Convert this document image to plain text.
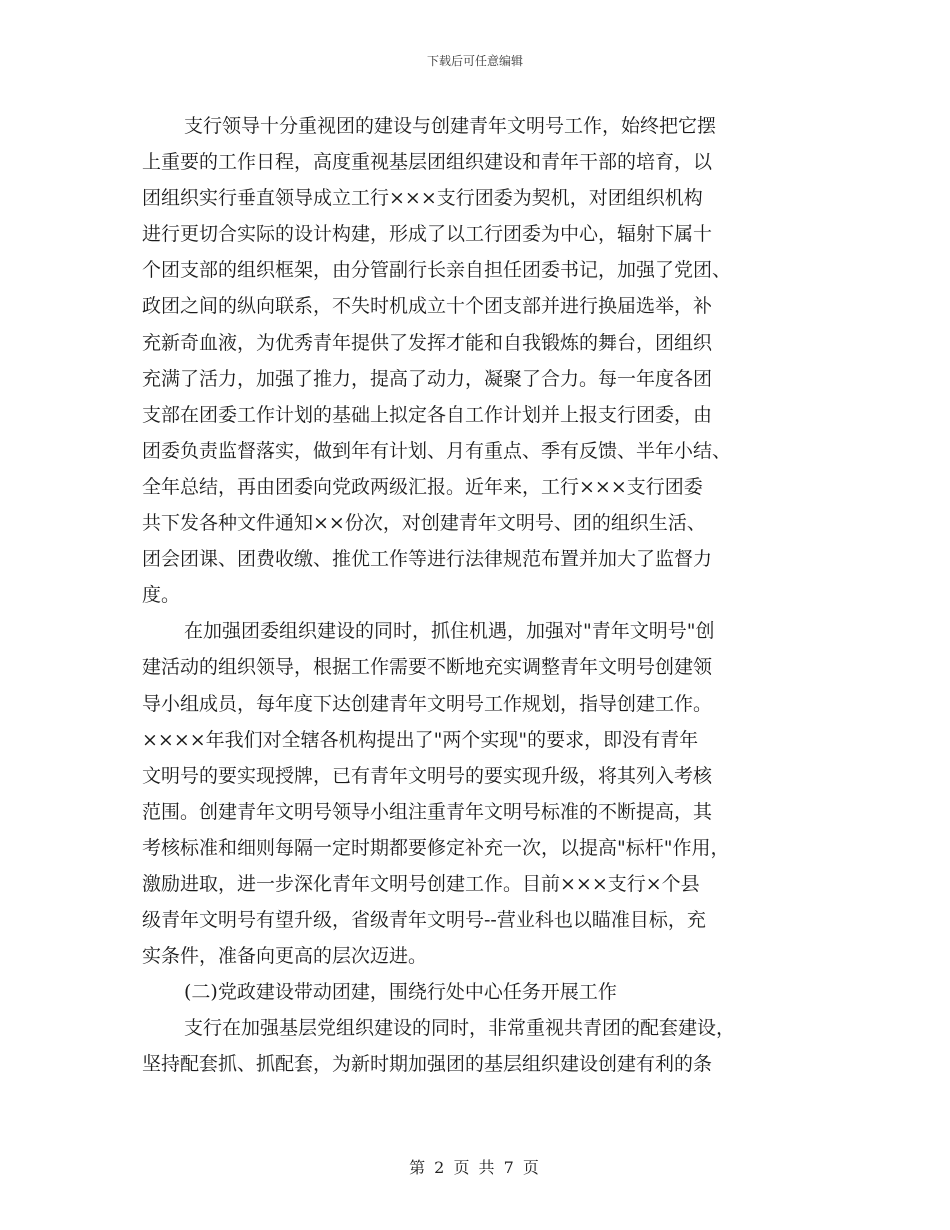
下载后可任意编辑
支行领导十分重视团的建设与创建青年文明号工作，始终把它摆
上重要的工作日程，高度重视基层团组织建设和青年干部的培育，以
团组织实行垂直领导成立工行×××支行团委为契机，对团组织机构
进行更切合实际的设计构建，形成了以工行团委为中心，辐射下属十
个团支部的组织框架，由分管副行长亲自担任团委书记，加强了党团、
政团之间的纵向联系，不失时机成立十个团支部并进行换届选举，补
充新奇血液，为优秀青年提供了发挥才能和自我锻炼的舞台，团组织
充满了活力，加强了推力，提高了动力，凝聚了合力。每一年度各团
支部在团委工作计划的基础上拟定各自工作计划并上报支行团委，由
团委负责监督落实，做到年有计划、月有重点、季有反馈、半年小结、
全年总结，再由团委向党政两级汇报。近年来，工行×××支行团委
共下发各种文件通知××份次，对创建青年文明号、团的组织生活、
团会团课、团费收缴、推优工作等进行法律规范布置并加大了监督力
度。
在加强团委组织建设的同时，抓住机遇，加强对"青年文明号"创
建活动的组织领导，根据工作需要不断地充实调整青年文明号创建领
导小组成员，每年度下达创建青年文明号工作规划，指导创建工作。
××××年我们对全辖各机构提出了"两个实现"的要求，即没有青年
文明号的要实现授牌，已有青年文明号的要实现升级，将其列入考核
范围。创建青年文明号领导小组注重青年文明号标准的不断提高，其
考核标准和细则每隔一定时期都要修定补充一次，以提高"标杆"作用，
激励进取，进一步深化青年文明号创建工作。目前×××支行×个县
级青年文明号有望升级，省级青年文明号--营业科也以瞄准目标，充
实条件，准备向更高的层次迈进。
(二)党政建设带动团建，围绕行处中心任务开展工作
支行在加强基层党组织建设的同时，非常重视共青团的配套建设，
坚持配套抓、抓配套，为新时期加强团的基层组织建设创建有利的条
第 2 页 共 7 页
